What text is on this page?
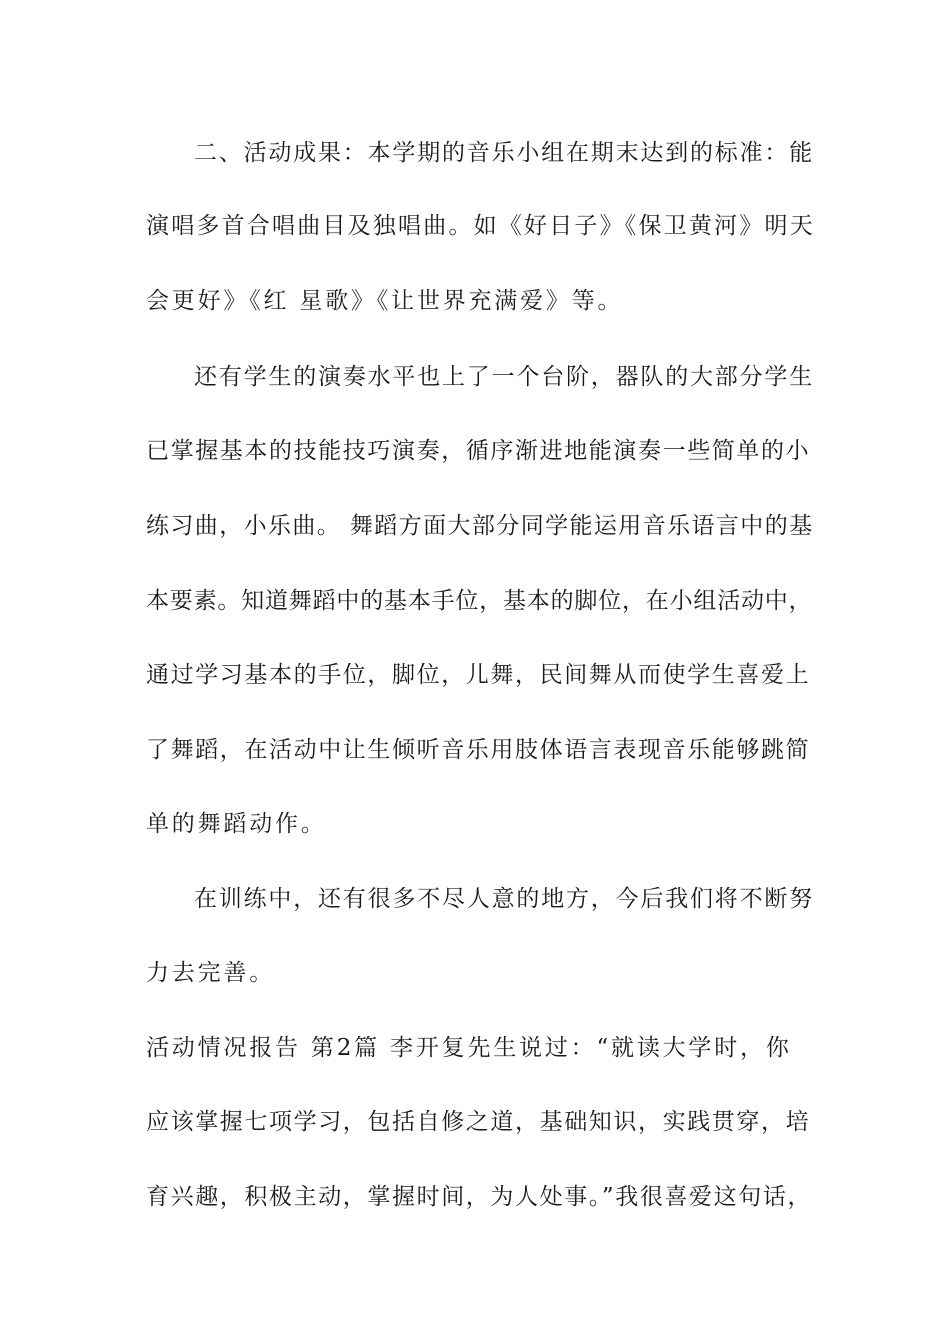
二、活动成果：本学期的音乐小组在期末达到的标准：能

演唱多首合唱曲目及独唱曲。如《好日子》《保卫黄河》明天

会更好》《红 星歌》《让世界充满爱》等。

还有学生的演奏水平也上了一个台阶，器队的大部分学生

已掌握基本的技能技巧演奏，循序渐进地能演奏一些简单的小

练习曲，小乐曲。 舞蹈方面大部分同学能运用音乐语言中的基

本要素。知道舞蹈中的基本手位，基本的脚位，在小组活动中，

通过学习基本的手位，脚位，儿舞，民间舞从而使学生喜爱上

了舞蹈，在活动中让生倾听音乐用肢体语言表现音乐能够跳简

单的舞蹈动作。

在训练中，还有很多不尽人意的地方，今后我们将不断努

力去完善。

活动情况报告 第2篇 李开复先生说过：“就读大学时，你

应该掌握七项学习，包括自修之道，基础知识，实践贯穿，培

育兴趣，积极主动，掌握时间，为人处事。”我很喜爱这句话，
